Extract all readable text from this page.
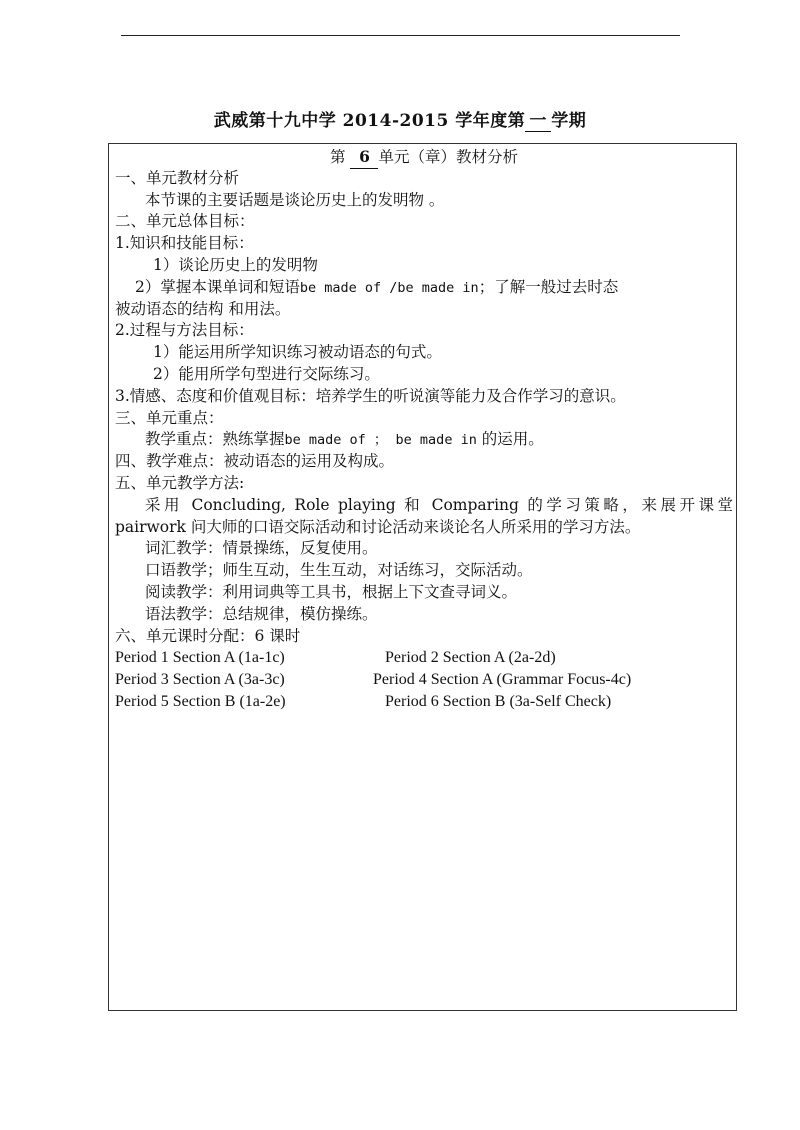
武威第十九中学 2014-2015 学年度第 一 学期
第 6 单元（章）教材分析
一、单元教材分析
本节课的主要话题是谈论历史上的发明物 。
二、单元总体目标：
1.知识和技能目标：
1）谈论历史上的发明物
2）掌握本课单词和短语be made of /be made in；了解一般过去时态
被动语态的结构 和用法。
2.过程与方法目标：
1）能运用所学知识练习被动语态的句式。
2）能用所学句型进行交际练习。
3.情感、态度和价值观目标：培养学生的听说演等能力及合作学习的意识。
三、单元重点：
教学重点：熟练掌握be made of ； be made in 的运用。
四、教学难点：被动语态的运用及构成。
五、单元教学方法:
采用 Concluding, Role playing 和 Comparing 的学习策略，来展开课堂
pairwork 问大师的口语交际活动和讨论活动来谈论名人所采用的学习方法。
词汇教学：情景操练，反复使用。
口语教学；师生互动，生生互动，对话练习，交际活动。
阅读教学：利用词典等工具书，根据上下文查寻词义。
语法教学：总结规律，模仿操练。
六、单元课时分配：6 课时
Period 1 Section A (1a-1c)	Period 2 Section A (2a-2d)
Period 3 Section A (3a-3c)	Period 4 Section A (Grammar Focus-4c)
Period 5 Section B (1a-2e)	Period 6 Section B (3a-Self Check)
